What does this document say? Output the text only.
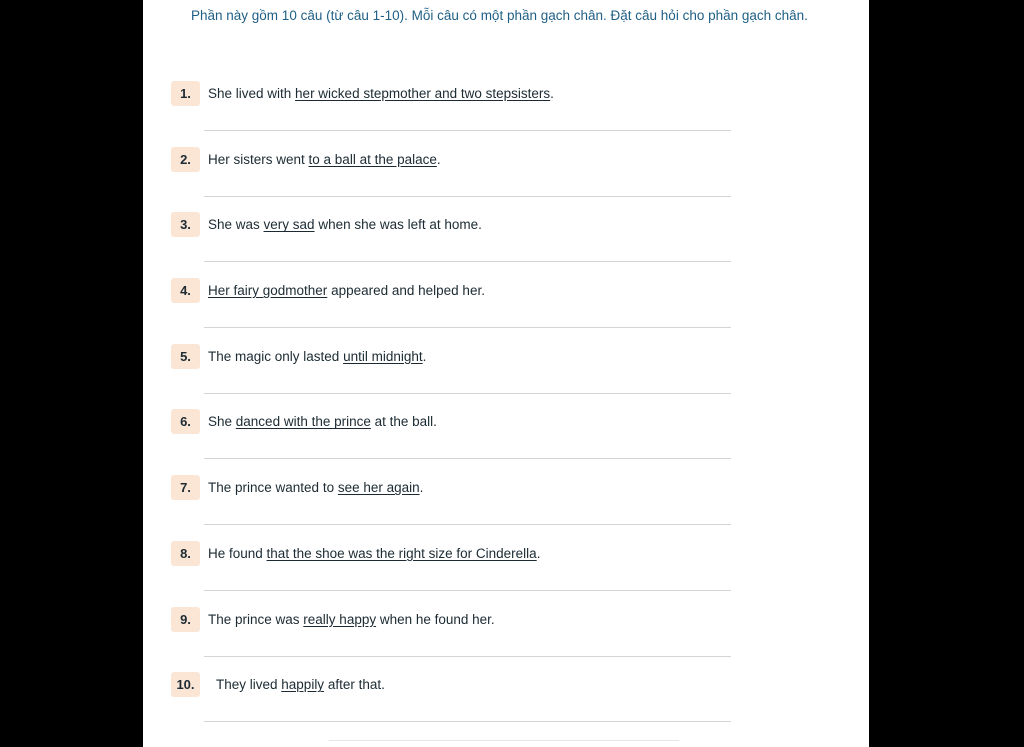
Phần này gồm 10 câu (từ câu 1-10). Mỗi câu có một phần gạch chân. Đặt câu hỏi cho phần gạch chân.

1.	She lived with her wicked stepmother and two stepsisters.
2.	Her sisters went to a ball at the palace.
3.	She was very sad when she was left at home.
4.	Her fairy godmother appeared and helped her.
5.	The magic only lasted until midnight.
6.	She danced with the prince at the ball.
7.	The prince wanted to see her again.
8.	He found that the shoe was the right size for Cinderella.
9.	The prince was really happy when he found her.
10.	They lived happily after that.
